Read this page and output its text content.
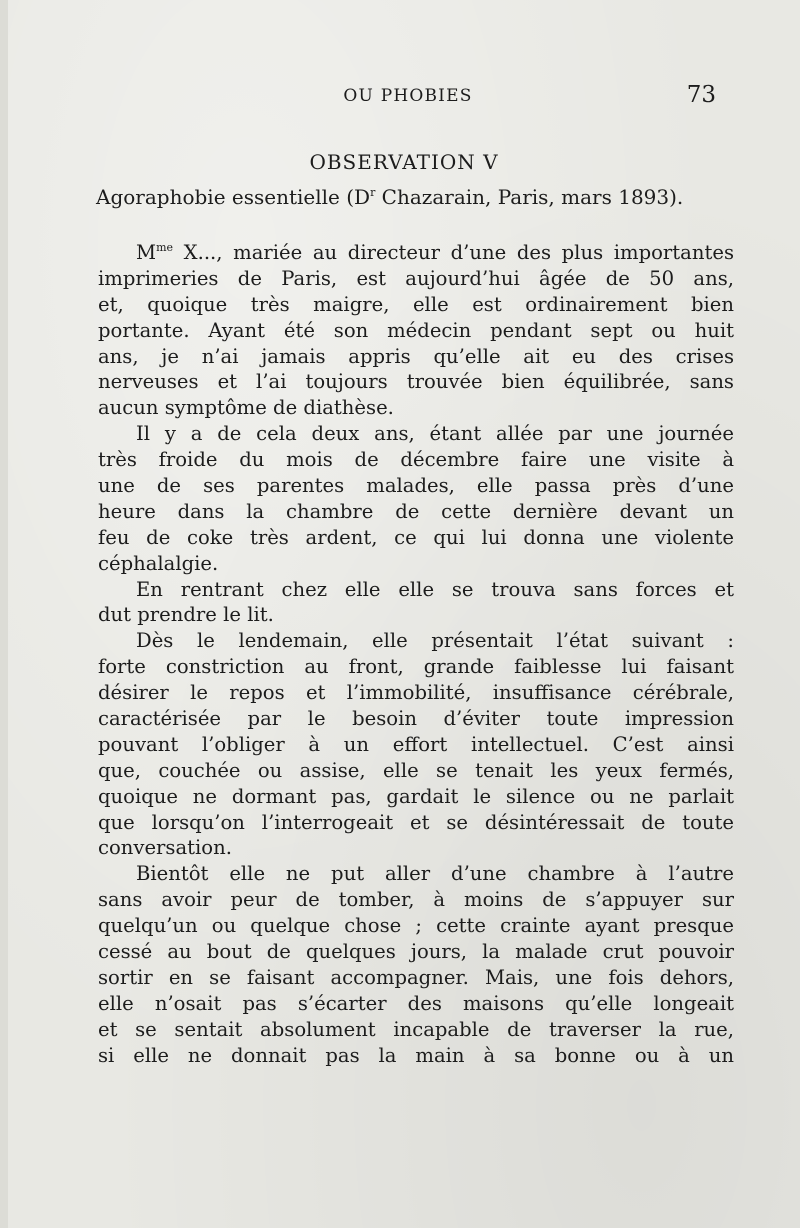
OU PHOBIES	73
OBSERVATION V
Agoraphobie essentielle ($D^r$ Chazarain, Paris, mars 1893).
$M^{me}$ X..., mariée au directeur d’une des plus importantes
imprimeries de Paris, est aujourd’hui âgée de 50 ans,
et, quoique très maigre, elle est ordinairement bien
portante. Ayant été son médecin pendant sept ou huit
ans, je n’ai jamais appris qu’elle ait eu des crises
nerveuses et l’ai toujours trouvée bien équilibrée, sans
aucun symptôme de diathèse.
Il y a de cela deux ans, étant allée par une journée
très froide du mois de décembre faire une visite à
une de ses parentes malades, elle passa près d’une
heure dans la chambre de cette dernière devant un
feu de coke très ardent, ce qui lui donna une violente
céphalalgie.
En rentrant chez elle elle se trouva sans forces et
dut prendre le lit.
Dès le lendemain, elle présentait l’état suivant :
forte constriction au front, grande faiblesse lui faisant
désirer le repos et l’immobilité, insuffisance cérébrale,
caractérisée par le besoin d’éviter toute impression
pouvant l’obliger à un effort intellectuel. C’est ainsi
que, couchée ou assise, elle se tenait les yeux fermés,
quoique ne dormant pas, gardait le silence ou ne parlait
que lorsqu’on l’interrogeait et se désintéressait de toute
conversation.
Bientôt elle ne put aller d’une chambre à l’autre
sans avoir peur de tomber, à moins de s’appuyer sur
quelqu’un ou quelque chose ; cette crainte ayant presque
cessé au bout de quelques jours, la malade crut pouvoir
sortir en se faisant accompagner. Mais, une fois dehors,
elle n’osait pas s’écarter des maisons qu’elle longeait
et se sentait absolument incapable de traverser la rue,
si elle ne donnait pas la main à sa bonne ou à un
